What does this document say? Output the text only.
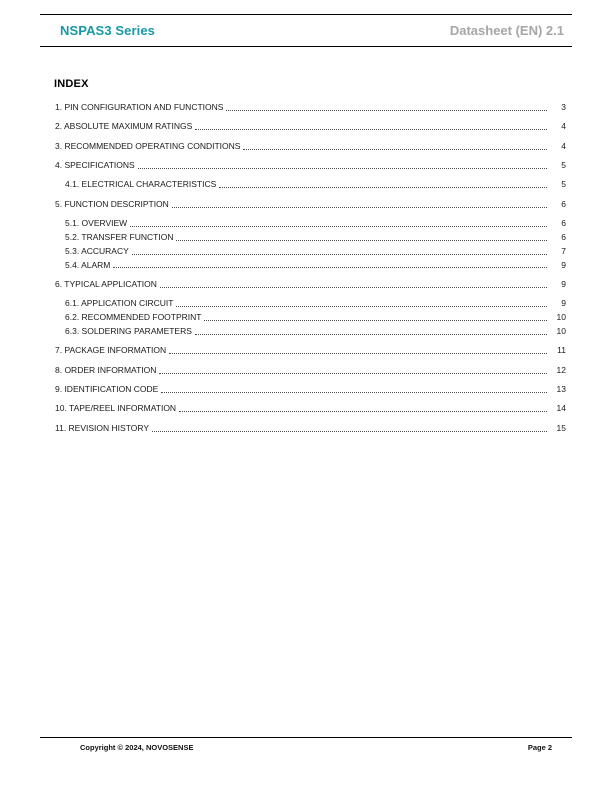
NSPAS3 Series	Datasheet (EN) 2.1
INDEX
1. PIN CONFIGURATION AND FUNCTIONS	3
2. ABSOLUTE MAXIMUM RATINGS	4
3. RECOMMENDED OPERATING CONDITIONS	4
4. SPECIFICATIONS	5
4.1. ELECTRICAL CHARACTERISTICS	5
5. FUNCTION DESCRIPTION	6
5.1. OVERVIEW	6
5.2. TRANSFER FUNCTION	6
5.3. ACCURACY	7
5.4. ALARM	9
6. TYPICAL APPLICATION	9
6.1. APPLICATION CIRCUIT	9
6.2. RECOMMENDED FOOTPRINT	10
6.3. SOLDERING PARAMETERS	10
7. PACKAGE INFORMATION	11
8. ORDER INFORMATION	12
9. IDENTIFICATION CODE	13
10. TAPE/REEL INFORMATION	14
11. REVISION HISTORY	15
Copyright © 2024, NOVOSENSE	Page 2
